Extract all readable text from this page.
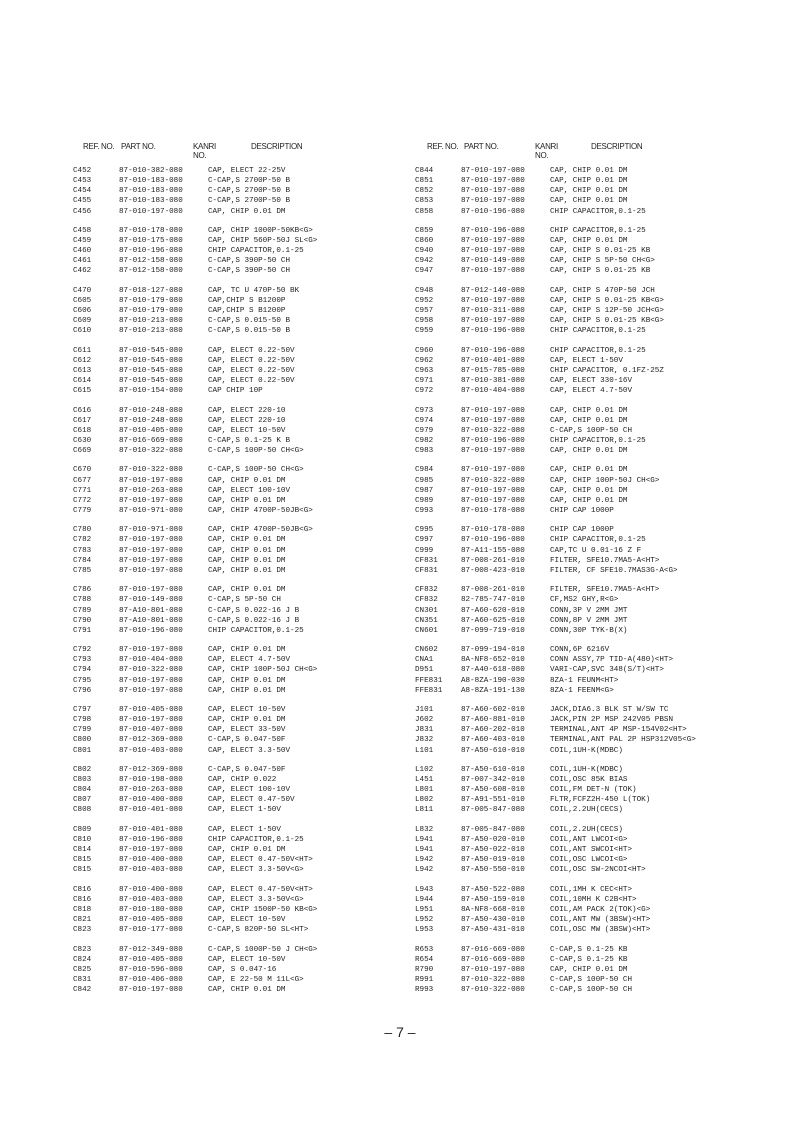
REF. NO. PART NO.	KANRI NO.
DESCRIPTION
C452	87-010-382-080	CAP, ELECT 22-25V
C453	87-010-183-080	C-CAP,S 2700P-50 B
C454	87-010-183-080	C-CAP,S 2700P-50 B
C455	87-010-183-080	C-CAP,S 2700P-50 B
C456	87-010-197-080	CAP, CHIP 0.01 DM
C458	87-010-178-080	CAP, CHIP 1000P-50KB<G>
C459	87-010-175-080	CAP, CHIP 560P-50J SL<G>
C460	87-010-196-080	CHIP CAPACITOR,0.1-25
C461	87-012-158-080	C-CAP,S 390P-50 CH
C462	87-012-158-080	C-CAP,S 390P-50 CH
C470	87-018-127-080	CAP, TC U 470P-50 BK
C605	87-010-179-080	CAP,CHIP S B1200P
C606	87-010-179-080	CAP,CHIP S B1200P
C609	87-010-213-080	C-CAP,S 0.015-50 B
C610	87-010-213-080	C-CAP,S 0.015-50 B
C611	87-010-545-080	CAP, ELECT 0.22-50V
C612	87-010-545-080	CAP, ELECT 0.22-50V
C613	87-010-545-080	CAP, ELECT 0.22-50V
C614	87-010-545-080	CAP, ELECT 0.22-50V
C615	87-010-154-080	CAP CHIP 10P
C616	87-010-248-080	CAP, ELECT 220-10
C617	87-010-248-080	CAP, ELECT 220-10
C618	87-010-405-080	CAP, ELECT 10-50V
C630	87-016-669-080	C-CAP,S 0.1-25 K B
C669	87-010-322-080	C-CAP,S 100P-50 CH<G>
C670	87-010-322-080	C-CAP,S 100P-50 CH<G>
C677	87-010-197-080	CAP, CHIP 0.01 DM
C771	87-010-263-080	CAP, ELECT 100-10V
C772	87-010-197-080	CAP, CHIP 0.01 DM
C779	87-010-971-080	CAP, CHIP 4700P-50JB<G>
C780	87-010-971-080	CAP, CHIP 4700P-50JB<G>
C782	87-010-197-080	CAP, CHIP 0.01 DM
C783	87-010-197-080	CAP, CHIP 0.01 DM
C784	87-010-197-080	CAP, CHIP 0.01 DM
C785	87-010-197-080	CAP, CHIP 0.01 DM
C786	87-010-197-080	CAP, CHIP 0.01 DM
C788	87-010-149-080	C-CAP,S 5P-50 CH
C789	87-A10-801-080	C-CAP,S 0.022-16 J B
C790	87-A10-801-080	C-CAP,S 0.022-16 J B
C791	87-010-196-080	CHIP CAPACITOR,0.1-25
C792	87-010-197-080	CAP, CHIP 0.01 DM
C793	87-010-404-080	CAP, ELECT 4.7-50V
C794	87-010-322-080	CAP, CHIP 100P-50J CH<G>
C795	87-010-197-080	CAP, CHIP 0.01 DM
C796	87-010-197-080	CAP, CHIP 0.01 DM
C797	87-010-405-080	CAP, ELECT 10-50V
C798	87-010-197-080	CAP, CHIP 0.01 DM
C799	87-010-407-080	CAP, ELECT 33-50V
C800	87-012-369-080	C-CAP,S 0.047-50F
C801	87-010-403-080	CAP, ELECT 3.3-50V
C802	87-012-369-080	C-CAP,S 0.047-50F
C803	87-010-198-080	CAP, CHIP 0.022
C804	87-010-263-080	CAP, ELECT 100-10V
C807	87-010-400-080	CAP, ELECT 0.47-50V
C808	87-010-401-080	CAP, ELECT 1-50V
C809	87-010-401-080	CAP, ELECT 1-50V
C810	87-010-196-080	CHIP CAPACITOR,0.1-25
C814	87-010-197-080	CAP, CHIP 0.01 DM
C815	87-010-400-080	CAP, ELECT 0.47-50V<HT>
C815	87-010-403-080	CAP, ELECT 3.3-50V<G>
C816	87-010-400-080	CAP, ELECT 0.47-50V<HT>
C816	87-010-403-080	CAP, ELECT 3.3-50V<G>
C818	87-010-180-080	CAP, CHIP 1500P-50 KB<G>
C821	87-010-405-080	CAP, ELECT 10-50V
C823	87-010-177-080	C-CAP,S 820P-50 SL<HT>
C823	87-012-349-080	C-CAP,S 1000P-50 J CH<G>
C824	87-010-405-080	CAP, ELECT 10-50V
C825	87-010-596-080	CAP, S 0.047-16
C831	87-010-406-080	CAP, E 22-50 M 11L<G>
C842	87-010-197-080	CAP, CHIP 0.01 DM
REF. NO. PART NO.	KANRI NO.
DESCRIPTION
C844	87-010-197-080	CAP, CHIP 0.01 DM
C851	87-010-197-080	CAP, CHIP 0.01 DM
C852	87-010-197-080	CAP, CHIP 0.01 DM
C853	87-010-197-080	CAP, CHIP 0.01 DM
C858	87-010-196-080	CHIP CAPACITOR,0.1-25
C859	87-010-196-080	CHIP CAPACITOR,0.1-25
C860	87-010-197-080	CAP, CHIP 0.01 DM
C940	87-010-197-080	CAP, CHIP S 0.01-25 KB
C942	87-010-149-080	CAP, CHIP S 5P-50 CH<G>
C947	87-010-197-080	CAP, CHIP S 0.01-25 KB
C948	87-012-140-080	CAP, CHIP S 470P-50 JCH
C952	87-010-197-080	CAP, CHIP S 0.01-25 KB<G>
C957	87-010-311-080	CAP, CHIP S 12P-50 JCH<G>
C958	87-010-197-080	CAP, CHIP S 0.01-25 KB<G>
C959	87-010-196-080	CHIP CAPACITOR,0.1-25
C960	87-010-196-080	CHIP CAPACITOR,0.1-25
C962	87-010-401-080	CAP, ELECT 1-50V
C963	87-015-785-080	CHIP CAPACITOR, 0.1FZ-25Z
C971	87-010-381-080	CAP, ELECT 330-16V
C972	87-010-404-080	CAP, ELECT 4.7-50V
C973	87-010-197-080	CAP, CHIP 0.01 DM
C974	87-010-197-080	CAP, CHIP 0.01 DM
C979	87-010-322-080	C-CAP,S 100P-50 CH
C982	87-010-196-080	CHIP CAPACITOR,0.1-25
C983	87-010-197-080	CAP, CHIP 0.01 DM
C984	87-010-197-080	CAP, CHIP 0.01 DM
C985	87-010-322-080	CAP, CHIP 100P-50J CH<G>
C987	87-010-197-080	CAP, CHIP 0.01 DM
C989	87-010-197-080	CAP, CHIP 0.01 DM
C993	87-010-178-080	CHIP CAP 1000P
C995	87-010-178-080	CHIP CAP 1000P
C997	87-010-196-080	CHIP CAPACITOR,0.1-25
C999	87-A11-155-080	CAP,TC U 0.01-16 Z F
CF831	87-008-261-010	FILTER, SFE10.7MA5-A<HT>
CF831	87-008-423-010	FILTER, CF SFE10.7MAS3G-A<G>
CF832	87-008-261-010	FILTER, SFE10.7MA5-A<HT>
CF832	82-785-747-010	CF,MS2 GHY,R<G>
CN301	87-A60-620-010	CONN,3P V 2MM JMT
CN351	87-A60-625-010	CONN,8P V 2MM JMT
CN601	87-099-719-010	CONN,30P TYK-B(X)
CN602	87-099-194-010	CONN,6P 6216V
CNA1	8A-NF8-652-010	CONN ASSY,7P TID-A(480)<HT>
D951	87-A40-618-080	VARI-CAP,SVC 348(S/T)<HT>
FFE831 A8-8ZA-190-030	8ZA-1 FEUNM<HT>
FFE831 A8-8ZA-191-130	8ZA-1 FEENM<G>
J101	87-A60-602-010	JACK,DIA6.3 BLK ST W/SW TC
J602	87-A60-881-010	JACK,PIN 2P MSP 242V05 PBSN
J831	87-A60-202-010	TERMINAL,ANT 4P MSP-154V02<HT>
J832	87-A60-403-010	TERMINAL,ANT PAL 2P HSP312V05<G>
L101	87-A50-610-010	COIL,1UH-K(MDBC)
L102	87-A50-610-010	COIL,1UH-K(MDBC)
L451	87-007-342-010	COIL,OSC 85K BIAS
L801	87-A50-608-010	COIL,FM DET-N (TOK)
L802	87-A91-551-010	FLTR,FCFZ2H-450 L(TOK)
L811	87-005-847-080	COIL,2.2UH(CECS)
L832	87-005-847-080	COIL,2.2UH(CECS)
L941	87-A50-020-010	COIL,ANT LWCOI<G>
L941	87-A50-022-010	COIL,ANT SWCOI<HT>
L942	87-A50-019-010	COIL,OSC LWCOI<G>
L942	87-A50-550-010	COIL,OSC SW-2NCOI<HT>
L943	87-A50-522-080	COIL,1MH K CEC<HT>
L944	87-A50-159-010	COIL,10MH K C2B<HT>
L951	8A-NF8-668-010	COIL,AM PACK 2(TOK)<G>
L952	87-A50-430-010	COIL,ANT MW (3BSW)<HT>
L953	87-A50-431-010	COIL,OSC MW (3BSW)<HT>
R653	87-016-669-080	C-CAP,S 0.1-25 KB
R654	87-016-669-080	C-CAP,S 0.1-25 KB
R790	87-010-197-080	CAP, CHIP 0.01 DM
R991	87-010-322-080	C-CAP,S 100P-50 CH
R993	87-010-322-080	C-CAP,S 100P-50 CH
– 7 –
